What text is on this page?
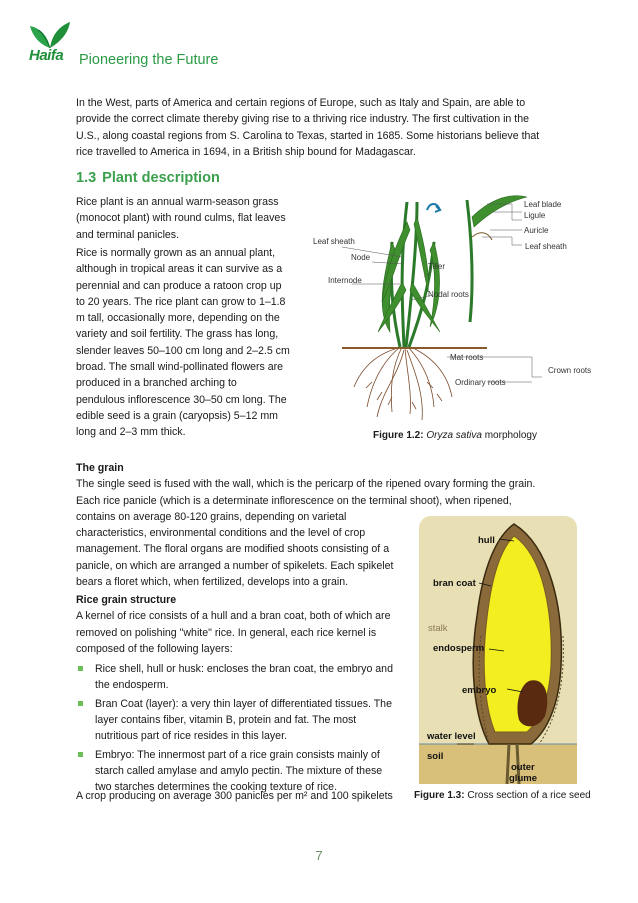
Haifa Pioneering the Future
In the West, parts of America and certain regions of Europe, such as Italy and Spain, are able to
provide the correct climate thereby giving rise to a thriving rice industry. The first cultivation in the
U.S., along coastal regions from S. Carolina to Texas, started in 1685. Some historians believe that
rice travelled to America in 1694, in a British ship bound for Madagascar.
1.3 Plant description
Rice plant is an annual warm-season grass
(monocot plant) with round culms, flat leaves
and terminal panicles.
Rice is normally grown as an annual plant,
although in tropical areas it can survive as a
perennial and can produce a ratoon crop up
to 20 years. The rice plant can grow to 1–1.8
m tall, occasionally more, depending on the
variety and soil fertility. The grass has long,
slender leaves 50–100 cm long and 2–2.5 cm
broad. The small wind-pollinated flowers are
produced in a branched arching to
pendulous inflorescence 30–50 cm long. The
edible seed is a grain (caryopsis) 5–12 mm
long and 2–3 mm thick.
Leaf blade
Ligule
Auricle
Leaf sheath
Leaf sheath
Node
Internode
Tiller
Nodal roots
Mat roots
Crown roots
Ordinary roots
Figure 1.2: Oryza sativa morphology
The grain
The single seed is fused with the wall, which is the pericarp of the ripened ovary forming the grain.
Each rice panicle (which is a determinate inflorescence on the terminal shoot), when ripened,
contains on average 80-120 grains, depending on varietal
characteristics, environmental conditions and the level of crop
management. The floral organs are modified shoots consisting of a
panicle, on which are arranged a number of spikelets. Each spikelet
bears a floret which, when fertilized, develops into a grain.
Rice grain structure
A kernel of rice consists of a hull and a bran coat, both of which are
removed on polishing "white" rice. In general, each rice kernel is
composed of the following layers:
Rice shell, hull or husk: encloses the bran coat, the embryo and
the endosperm.
Bran Coat (layer): a very thin layer of differentiated tissues. The
layer contains fiber, vitamin B, protein and fat. The most
nutritious part of rice resides in this layer.
Embryo: The innermost part of a rice grain consists mainly of
starch called amylase and amylo pectin. The mixture of these
two starches determines the cooking texture of rice.
A crop producing on average 300 panicles per m² and 100 spikelets
hull
bran coat
stalk
endosperm
embryo
water level
soil
outer
glume
Figure 1.3: Cross section of a rice seed
7
